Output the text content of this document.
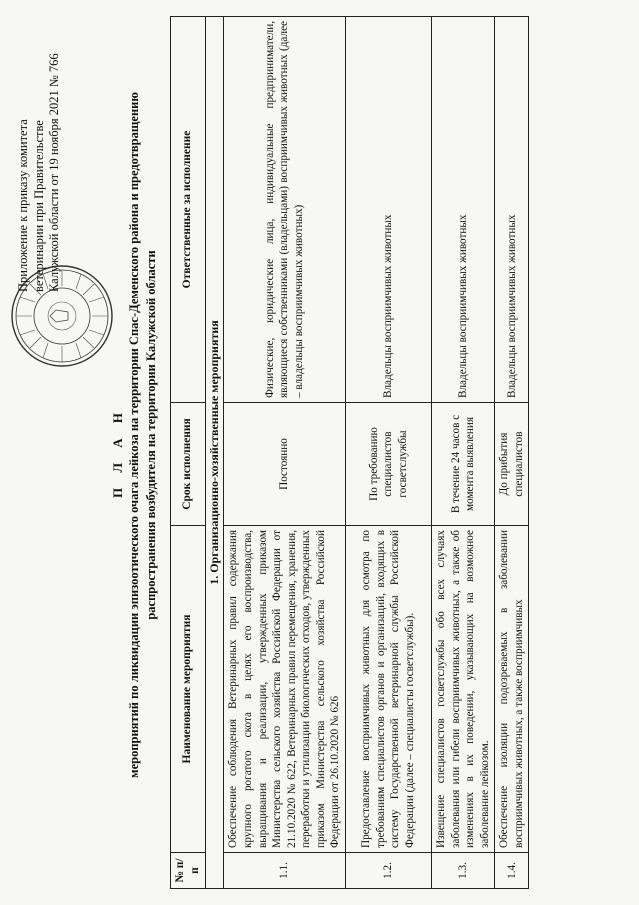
Приложение к приказу комитета ветеринарии при Правительстве Калужской области от 19 ноября 2021 № 766
П Л А Н мероприятий по ликвидации эпизоотического очага лейкоза на территории Спас-Деменского района и предотвращению распространения возбудителя на территории Калужской области
№ п/п	Наименование мероприятия	Срок исполнения	Ответственные за исполнение
1. Организационно-хозяйственные мероприятия			
1.1.	Обеспечение соблюдения Ветеринарных правил содержания крупного рогатого скота в целях его воспроизводства, выращивания и реализации, утвержденных приказом Министерства сельского хозяйства Российской Федерации от 21.10.2020 № 622, Ветеринарных правил перемещения, хранения, переработки и утилизации биологических отходов, утвержденных приказом Министерства сельского хозяйства Российской Федерации от 26.10.2020 № 626	Постоянно	Физические, юридические лица, индивидуальные предприниматели, являющиеся собственниками (владельцами) восприимчивых животных (далее – владельцы восприимчивых животных)
1.2.	Предоставление восприимчивых животных для осмотра по требованиям специалистов органов и организаций, входящих в систему Государственной ветеринарной службы Российской Федерации (далее – специалисты госветслужбы).	По требованию специалистов госветслужбы	Владельцы восприимчивых животных
1.3.	Извещение специалистов госветслужбы обо всех случаях заболевания или гибели восприимчивых животных, а также об изменениях в их поведении, указывающих на возможное заболевание лейкозом.	В течение 24 часов с момента выявления	Владельцы восприимчивых животных
1.4.	Обеспечение изоляции подозреваемых в заболевании восприимчивых животных, а также восприимчивых	До прибытия специалистов	Владельцы восприимчивых животных
